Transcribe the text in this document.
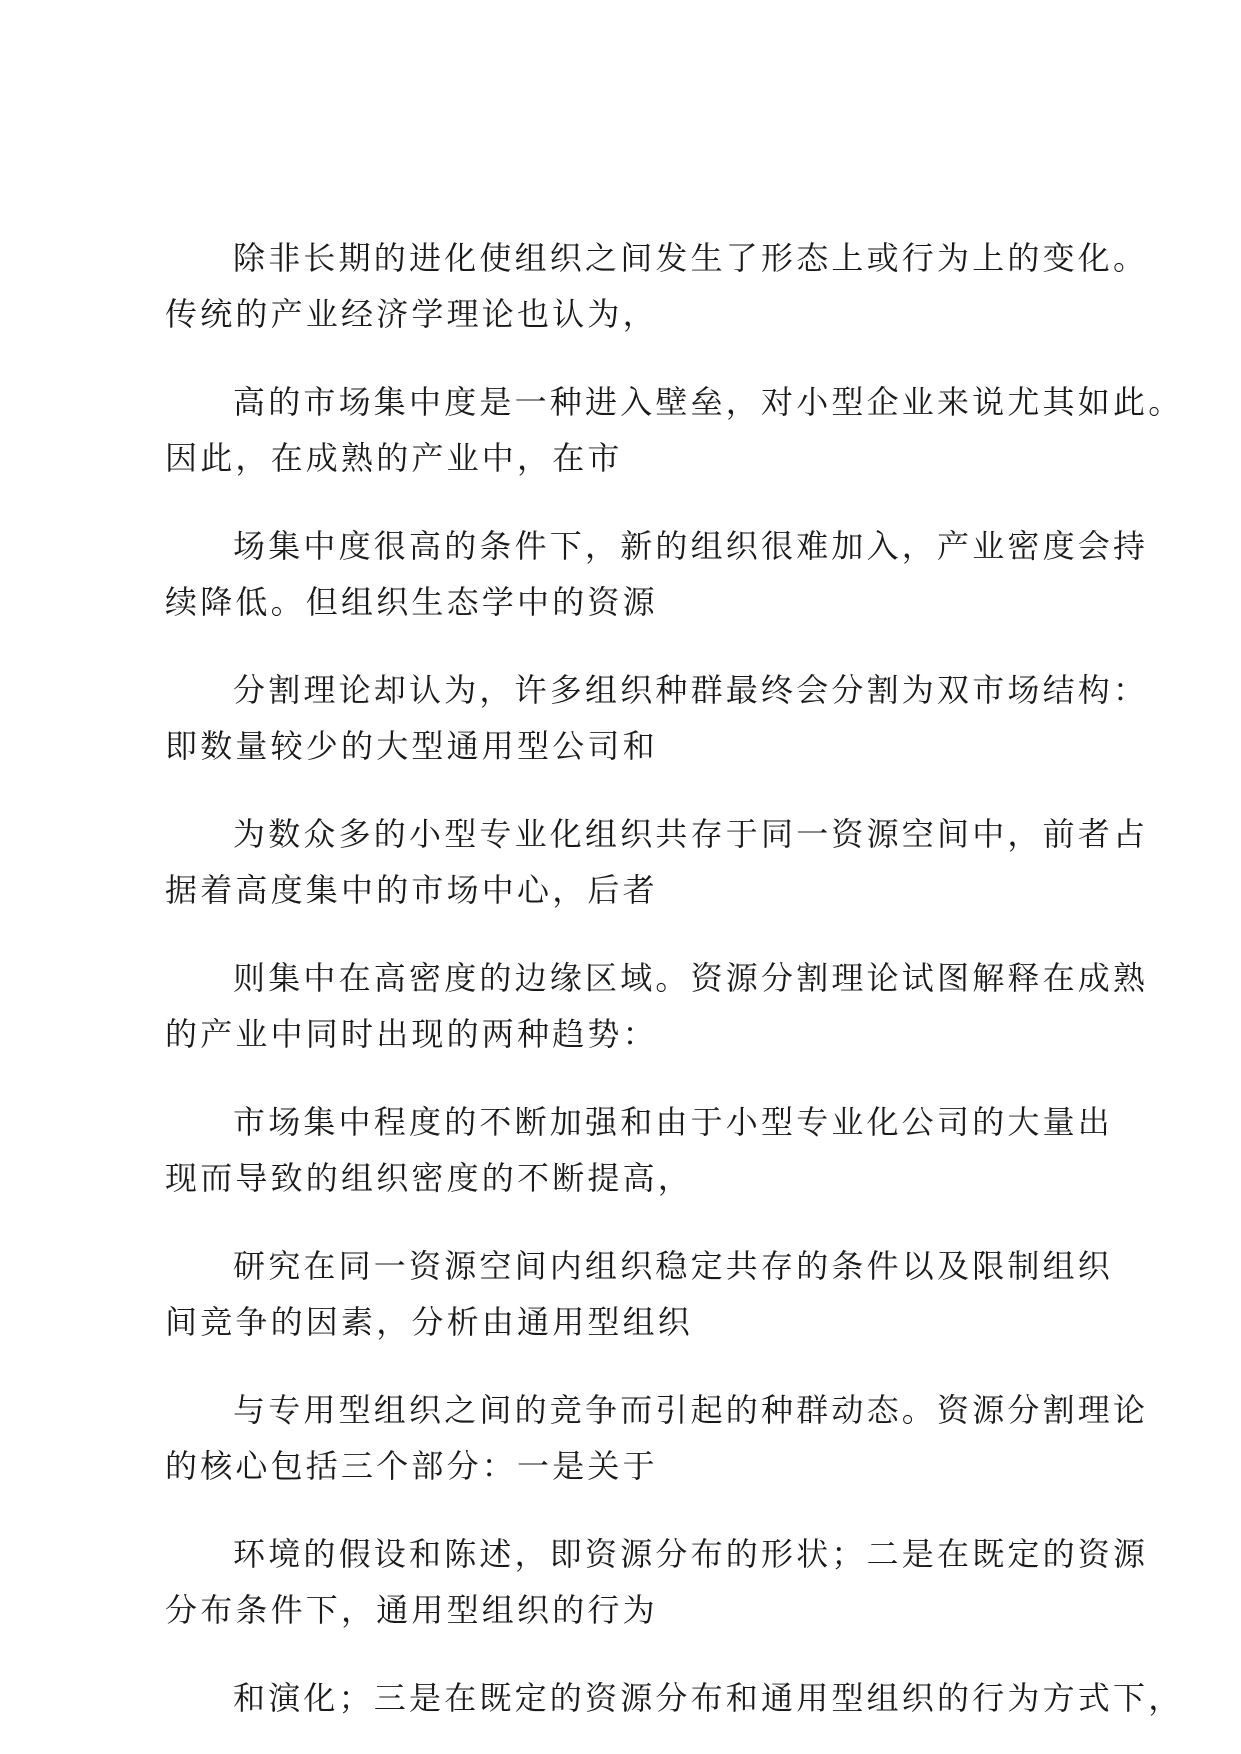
除非长期的进化使组织之间发生了形态上或行为上的变化。
传统的产业经济学理论也认为，
高的市场集中度是一种进入壁垒，对小型企业来说尤其如此。
因此，在成熟的产业中，在市
场集中度很高的条件下，新的组织很难加入，产业密度会持
续降低。但组织生态学中的资源
分割理论却认为，许多组织种群最终会分割为双市场结构：
即数量较少的大型通用型公司和
为数众多的小型专业化组织共存于同一资源空间中，前者占
据着高度集中的市场中心，后者
则集中在高密度的边缘区域。资源分割理论试图解释在成熟
的产业中同时出现的两种趋势：
市场集中程度的不断加强和由于小型专业化公司的大量出
现而导致的组织密度的不断提高，
研究在同一资源空间内组织稳定共存的条件以及限制组织
间竞争的因素，分析由通用型组织
与专用型组织之间的竞争而引起的种群动态。资源分割理论
的核心包括三个部分：一是关于
环境的假设和陈述，即资源分布的形状；二是在既定的资源
分布条件下，通用型组织的行为
和演化；三是在既定的资源分布和通用型组织的行为方式下，
